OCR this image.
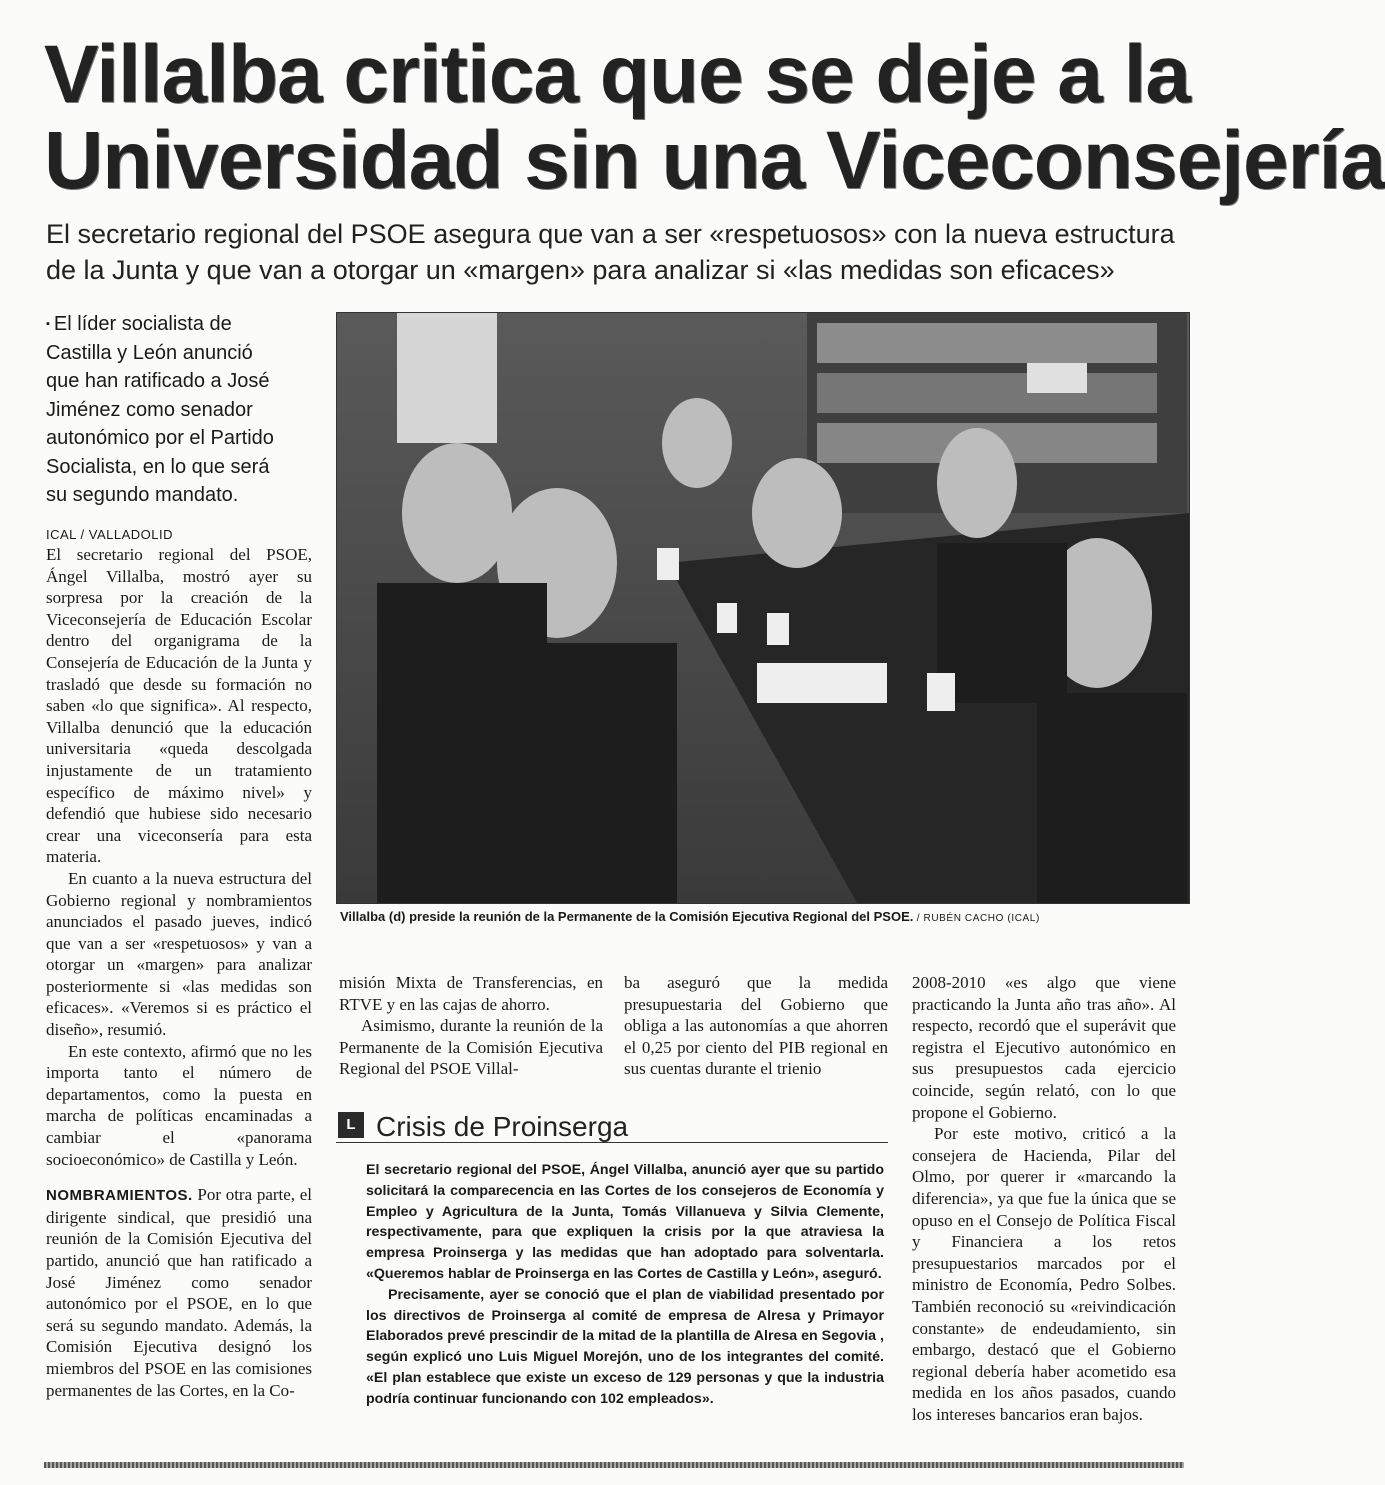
Villalba critica que se deje a la
Universidad sin una Viceconsejería
El secretario regional del PSOE asegura que van a ser «respetuosos» con la nueva estructura de la Junta y que van a otorgar un «margen» para analizar si «las medidas son eficaces»
▪ El líder socialista de Castilla y León anunció que han ratificado a José Jiménez como senador autonómico por el Partido Socialista, en lo que será su segundo mandato.
ICAL / VALLADOLID

El secretario regional del PSOE, Ángel Villalba, mostró ayer su sorpresa por la creación de la Viceconsejería de Educación Escolar dentro del organigrama de la Consejería de Educación de la Junta y trasladó que desde su formación no saben «lo que significa». Al respecto, Villalba denunció que la educación universitaria «queda descolgada injustamente de un tratamiento específico de máximo nivel» y defendió que hubiese sido necesario crear una viceconsería para esta materia.

En cuanto a la nueva estructura del Gobierno regional y nombramientos anunciados el pasado jueves, indicó que van a ser «respetuosos» y van a otorgar un «margen» para analizar posteriormente si «las medidas son eficaces». «Veremos si es práctico el diseño», resumió.

En este contexto, afirmó que no les importa tanto el número de departamentos, como la puesta en marcha de políticas encaminadas a cambiar el «panorama socioeconómico» de Castilla y León.

NOMBRAMIENTOS. Por otra parte, el dirigente sindical, que presidió una reunión de la Comisión Ejecutiva del partido, anunció que han ratificado a José Jiménez como senador autonómico por el PSOE, en lo que será su segundo mandato. Además, la Comisión Ejecutiva designó los miembros del PSOE en las comisiones permanentes de las Cortes, en la Co-

Villalba (d) preside la reunión de la Permanente de la Comisión Ejecutiva Regional del PSOE. / RUBÉN CACHO (ICAL)

misión Mixta de Transferencias, en RTVE y en las cajas de ahorro.

Asimismo, durante la reunión de la Permanente de la Comisión Ejecutiva Regional del PSOE Villal-

ba aseguró que la medida presupuestaria del Gobierno que obliga a las autonomías a que ahorren el 0,25 por ciento del PIB regional en sus cuentas durante el trienio

2008-2010 «es algo que viene practicando la Junta año tras año». Al respecto, recordó que el superávit que registra el Ejecutivo autonómico en sus presupuestos cada ejercicio coincide, según relató, con lo que propone el Gobierno.

Por este motivo, criticó a la consejera de Hacienda, Pilar del Olmo, por querer ir «marcando la diferencia», ya que fue la única que se opuso en el Consejo de Política Fiscal y Financiera a los retos presupuestarios marcados por el ministro de Economía, Pedro Solbes. También reconoció su «reivindicación constante» de endeudamiento, sin embargo, destacó que el Gobierno regional debería haber acometido esa medida en los años pasados, cuando los intereses bancarios eran bajos.

L Crisis de Proinserga

El secretario regional del PSOE, Ángel Villalba, anunció ayer que su partido solicitará la comparecencia en las Cortes de los consejeros de Economía y Empleo y Agricultura de la Junta, Tomás Villanueva y Silvia Clemente, respectivamente, para que expliquen la crisis por la que atraviesa la empresa Proinserga y las medidas que han adoptado para solventarla. «Queremos hablar de Proinserga en las Cortes de Castilla y León», aseguró.

Precisamente, ayer se conoció que el plan de viabilidad presentado por los directivos de Proinserga al comité de empresa de Alresa y Primayor Elaborados prevé prescindir de la mitad de la plantilla de Alresa en Segovia , según explicó uno Luis Miguel Morejón, uno de los integrantes del comité. «El plan establece que existe un exceso de 129 personas y que la industria podría continuar funcionando con 102 empleados».
